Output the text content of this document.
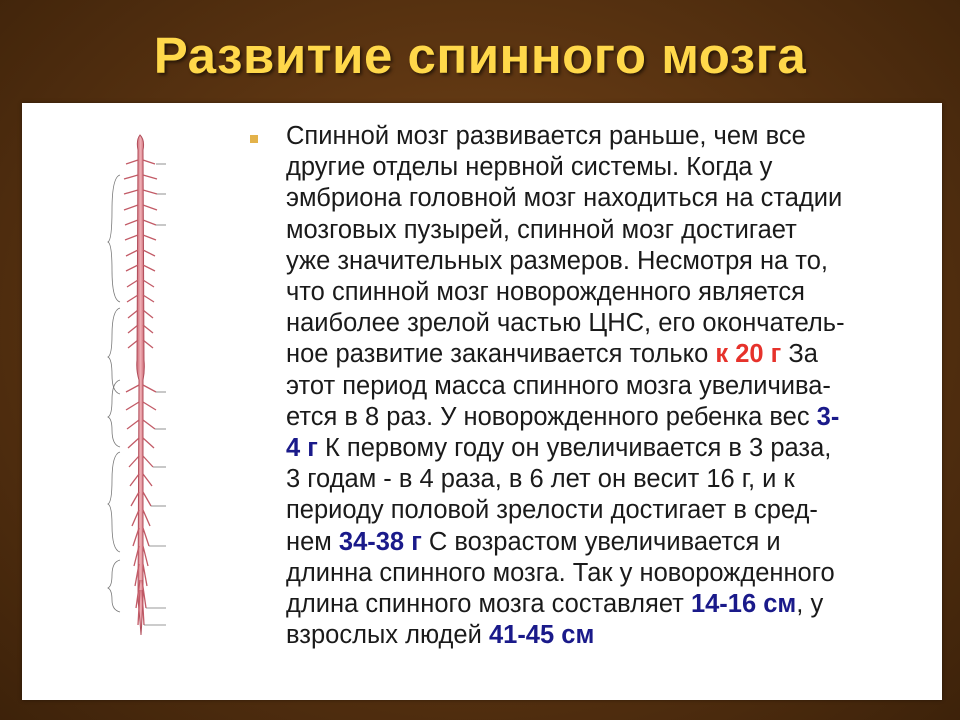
Развитие спинного мозга

Спинной мозг развивается раньше, чем все
другие отделы нервной системы. Когда у
эмбриона головной мозг находиться на стадии
мозговых пузырей, спинной мозг достигает
уже значительных размеров. Несмотря на то,
что спинной мозг новорожденного является
наиболее зрелой частью ЦНС, его окончатель-
ное развитие заканчивается только к 20 г За
этот период масса спинного мозга увеличива-
ется в 8 раз. У новорожденного ребенка вес 3-
4 г К первому году он увеличивается в 3 раза,
3 годам - в 4 раза, в 6 лет он весит 16 г, и к
периоду половой зрелости достигает в сред-
нем 34-38 г С возрастом увеличивается и
длинна спинного мозга. Так у новорожденного
длина спинного мозга составляет 14-16 см, у
взрослых людей 41-45 см
